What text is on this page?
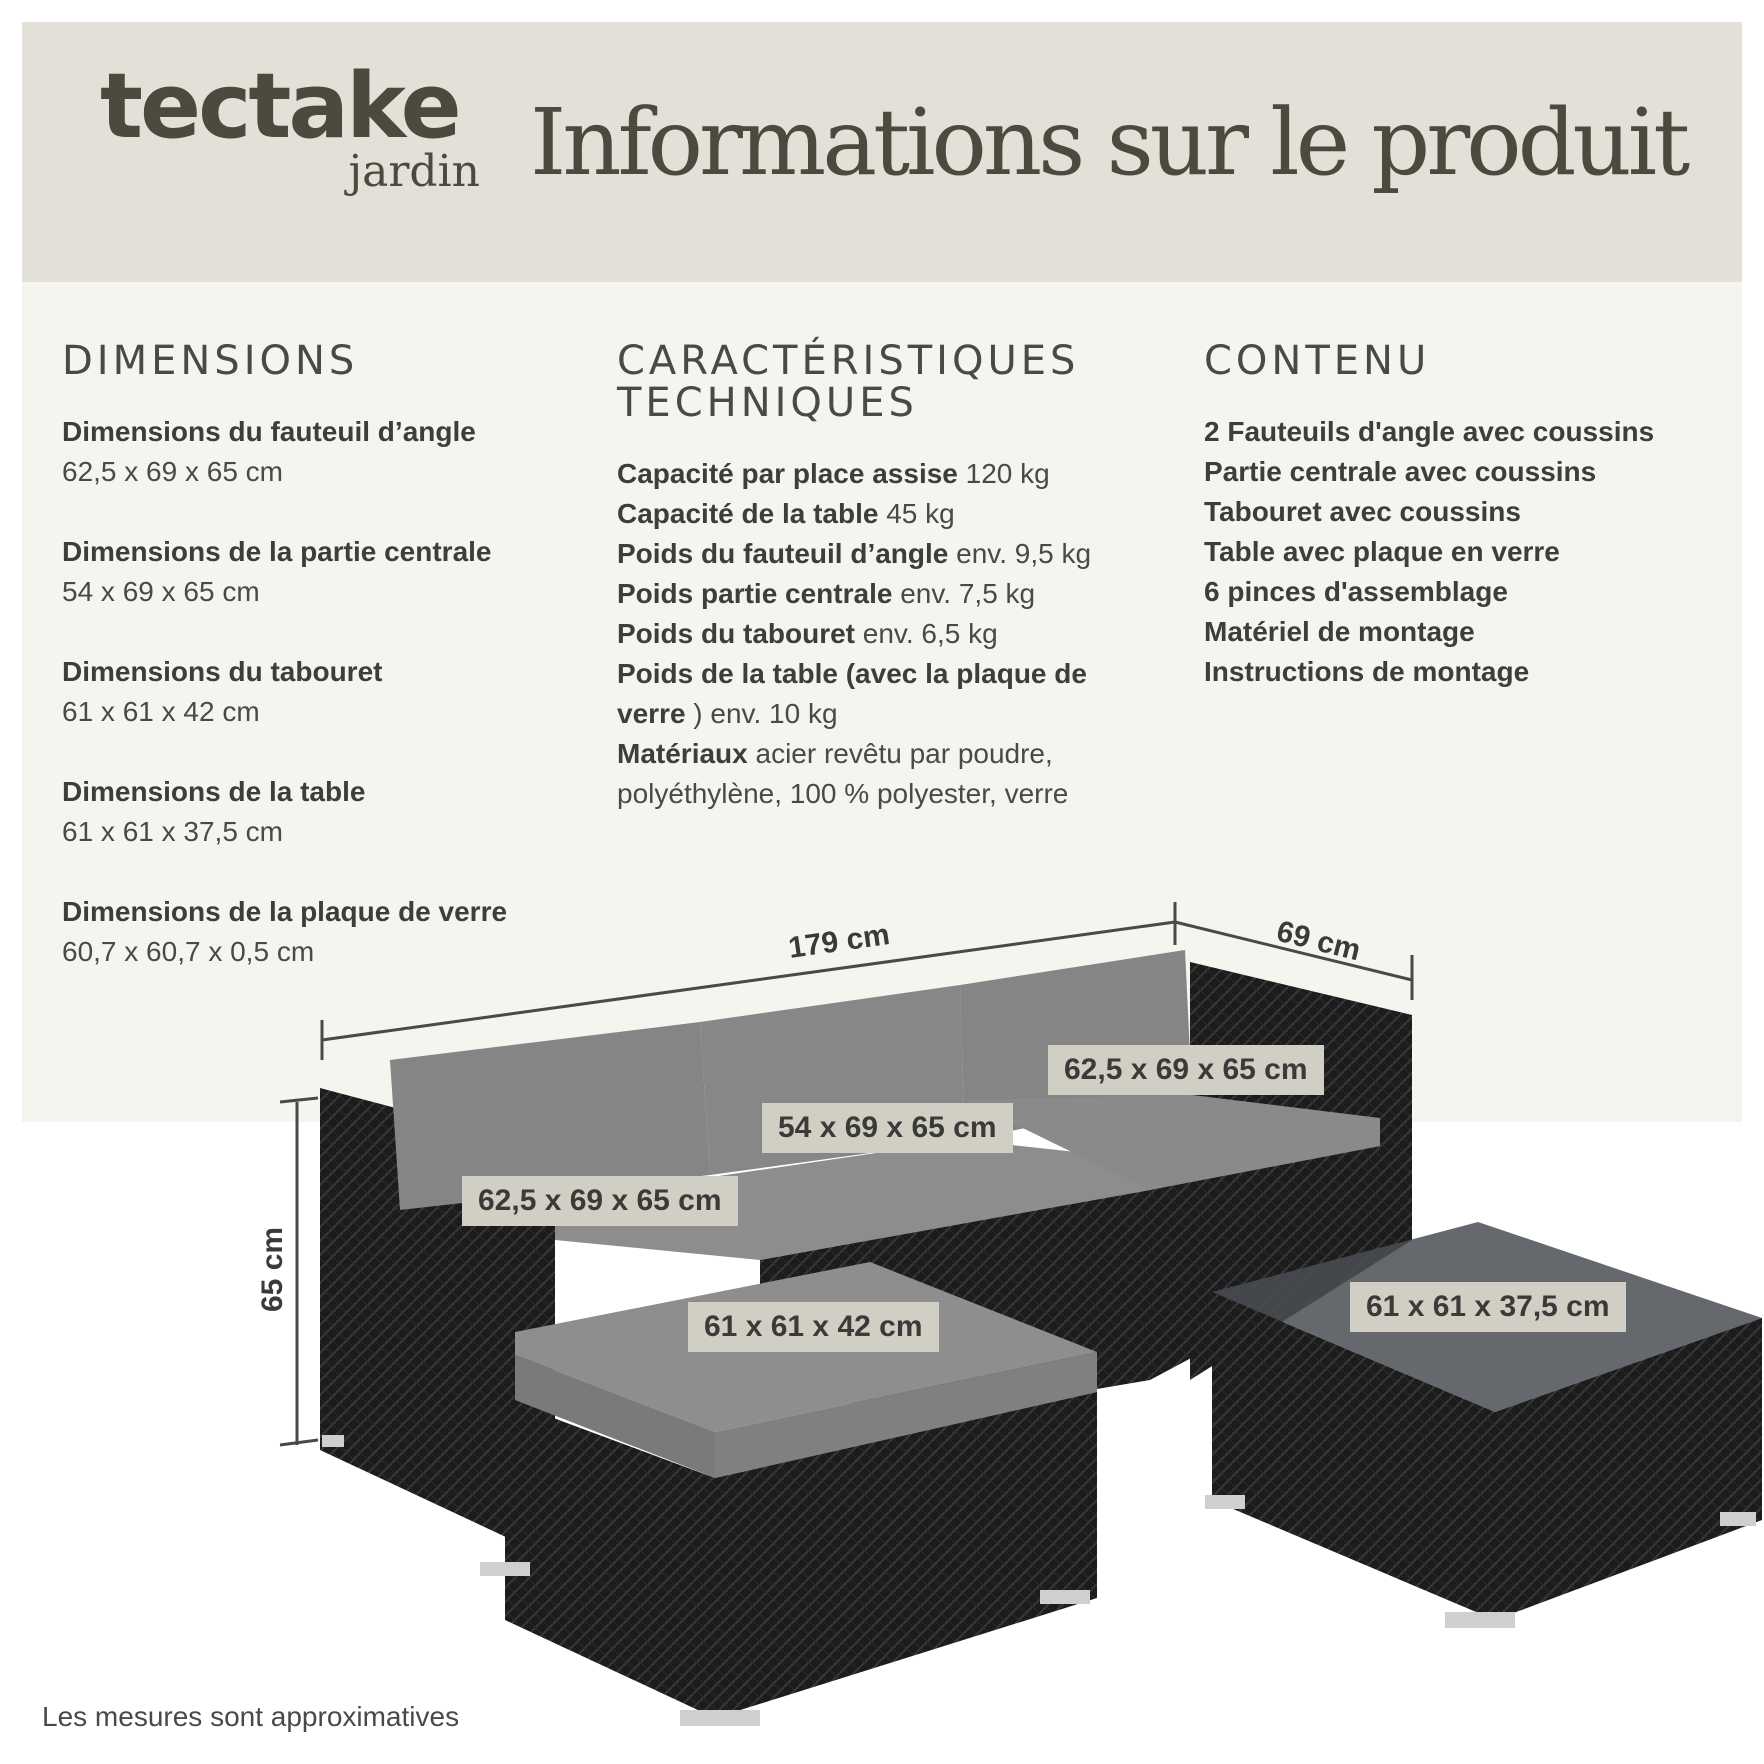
tectake
jardin Informations sur le produit
DIMENSIONS
Dimensions du fauteuil d’angle
62,5 x 69 x 65 cm
Dimensions de la partie centrale
54 x 69 x 65 cm
Dimensions du tabouret
61 x 61 x 42 cm
Dimensions de la table
61 x 61 x 37,5 cm
Dimensions de la plaque de verre
60,7 x 60,7 x 0,5 cm
CARACTÉRISTIQUES
TECHNIQUES
Capacité par place assise 120 kg
Capacité de la table 45 kg
Poids du fauteuil d’angle env. 9,5 kg
Poids partie centrale env. 7,5 kg
Poids du tabouret env. 6,5 kg
Poids de la table (avec la plaque de verre ) env. 10 kg
Matériaux acier revêtu par poudre, polyéthylène, 100 % polyester, verre
CONTENU
2 Fauteuils d'angle avec coussins
Partie centrale avec coussins
Tabouret avec coussins
Table avec plaque en verre
6 pinces d'assemblage
Matériel de montage
Instructions de montage
179 cm	69 cm
65 cm
62,5 x 69 x 65 cm
54 x 69 x 65 cm
62,5 x 69 x 65 cm
61 x 61 x 42 cm
61 x 61 x 37,5 cm
Les mesures sont approximatives
